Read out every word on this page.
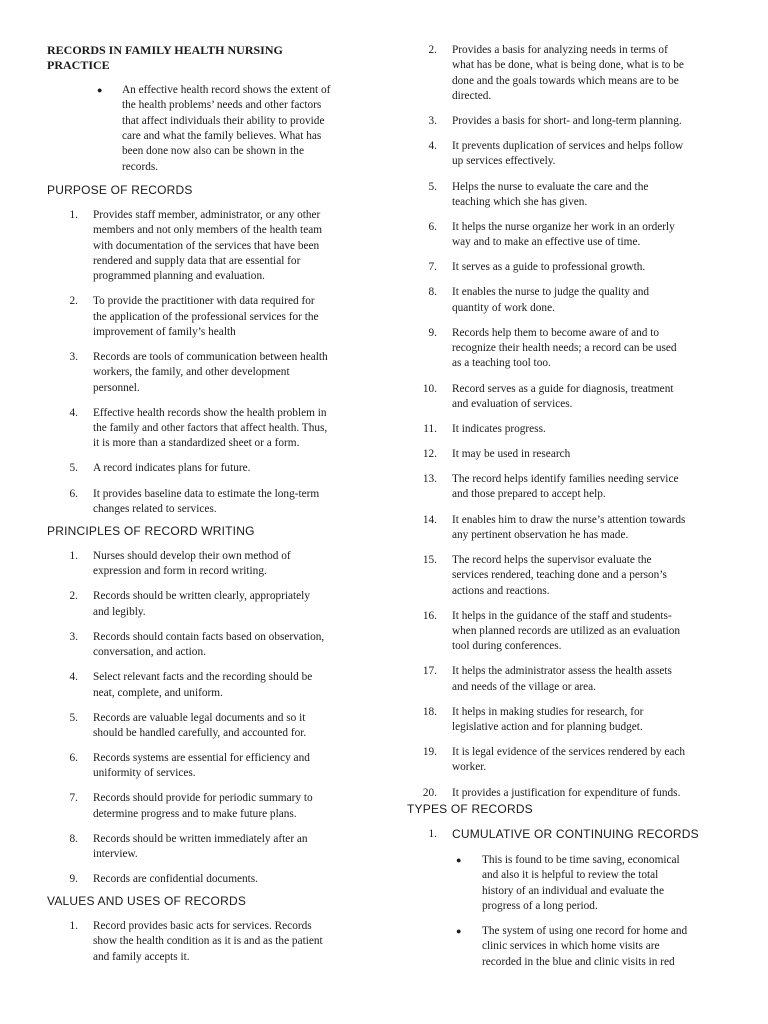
RECORDS IN FAMILY HEALTH NURSING
PRACTICE
● An effective health record shows the extent of
the health problems’ needs and other factors
that affect individuals their ability to provide
care and what the family believes. What has
been done now also can be shown in the
records.
PURPOSE OF RECORDS
1. Provides staff member, administrator, or any other
members and not only members of the health team
with documentation of the services that have been
rendered and supply data that are essential for
programmed planning and evaluation.
2. To provide the practitioner with data required for
the application of the professional services for the
improvement of family’s health
3. Records are tools of communication between health
workers, the family, and other development
personnel.
4. Effective health records show the health problem in
the family and other factors that affect health. Thus,
it is more than a standardized sheet or a form.
5. A record indicates plans for future.
6. It provides baseline data to estimate the long-term
changes related to services.
PRINCIPLES OF RECORD WRITING
1. Nurses should develop their own method of
expression and form in record writing.
2. Records should be written clearly, appropriately
and legibly.
3. Records should contain facts based on observation,
conversation, and action.
4. Select relevant facts and the recording should be
neat, complete, and uniform.
5. Records are valuable legal documents and so it
should be handled carefully, and accounted for.
6. Records systems are essential for efficiency and
uniformity of services.
7. Records should provide for periodic summary to
determine progress and to make future plans.
8. Records should be written immediately after an
interview.
9. Records are confidential documents.
VALUES AND USES OF RECORDS
1. Record provides basic acts for services. Records
show the health condition as it is and as the patient
and family accepts it.
2. Provides a basis for analyzing needs in terms of
what has be done, what is being done, what is to be
done and the goals towards which means are to be
directed.
3. Provides a basis for short- and long-term planning.
4. It prevents duplication of services and helps follow
up services effectively.
5. Helps the nurse to evaluate the care and the
teaching which she has given.
6. It helps the nurse organize her work in an orderly
way and to make an effective use of time.
7. It serves as a guide to professional growth.
8. It enables the nurse to judge the quality and
quantity of work done.
9. Records help them to become aware of and to
recognize their health needs; a record can be used
as a teaching tool too.
10. Record serves as a guide for diagnosis, treatment
and evaluation of services.
11. It indicates progress.
12. It may be used in research
13. The record helps identify families needing service
and those prepared to accept help.
14. It enables him to draw the nurse’s attention towards
any pertinent observation he has made.
15. The record helps the supervisor evaluate the
services rendered, teaching done and a person’s
actions and reactions.
16. It helps in the guidance of the staff and students-
when planned records are utilized as an evaluation
tool during conferences.
17. It helps the administrator assess the health assets
and needs of the village or area.
18. It helps in making studies for research, for
legislative action and for planning budget.
19. It is legal evidence of the services rendered by each
worker.
20. It provides a justification for expenditure of funds.
TYPES OF RECORDS
1. CUMULATIVE OR CONTINUING RECORDS
● This is found to be time saving, economical
and also it is helpful to review the total
history of an individual and evaluate the
progress of a long period.
● The system of using one record for home and
clinic services in which home visits are
recorded in the blue and clinic visits in red
